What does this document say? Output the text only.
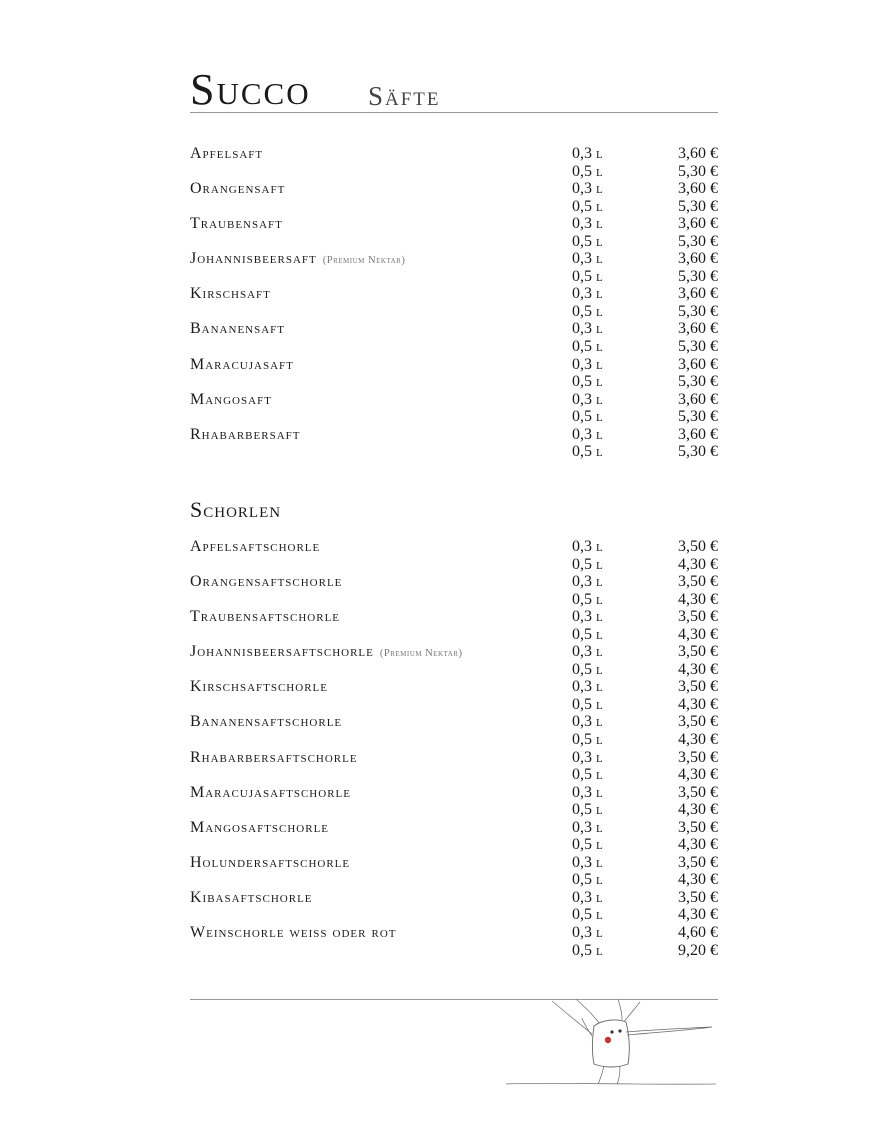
Succo Säfte
Apfelsaft	0,3 l	3,60 €
0,5 l	5,30 €
Orangensaft	0,3 l	3,60 €
0,5 l	5,30 €
Traubensaft	0,3 l	3,60 €
0,5 l	5,30 €
Johannisbeersaft (Premium Nektar)	0,3 l	3,60 €
0,5 l	5,30 €
Kirschsaft	0,3 l	3,60 €
0,5 l	5,30 €
Bananensaft	0,3 l	3,60 €
0,5 l	5,30 €
Maracujasaft	0,3 l	3,60 €
0,5 l	5,30 €
Mangosaft	0,3 l	3,60 €
0,5 l	5,30 €
Rhabarbersaft	0,3 l	3,60 €
0,5 l	5,30 €
Schorlen
Apfelsaftschorle	0,3 l	3,50 €
0,5 l	4,30 €
Orangensaftschorle	0,3 l	3,50 €
0,5 l	4,30 €
Traubensaftschorle	0,3 l	3,50 €
0,5 l	4,30 €
Johannisbeersaftschorle (Premium Nektar)	0,3 l	3,50 €
0,5 l	4,30 €
Kirschsaftschorle	0,3 l	3,50 €
0,5 l	4,30 €
Bananensaftschorle	0,3 l	3,50 €
0,5 l	4,30 €
Rhabarbersaftschorle	0,3 l	3,50 €
0,5 l	4,30 €
Maracujasaftschorle	0,3 l	3,50 €
0,5 l	4,30 €
Mangosaftschorle	0,3 l	3,50 €
0,5 l	4,30 €
Holundersaftschorle	0,3 l	3,50 €
0,5 l	4,30 €
Kibasaftschorle	0,3 l	3,50 €
0,5 l	4,30 €
Weinschorle weiss oder rot	0,3 l	4,60 €
0,5 l	9,20 €
